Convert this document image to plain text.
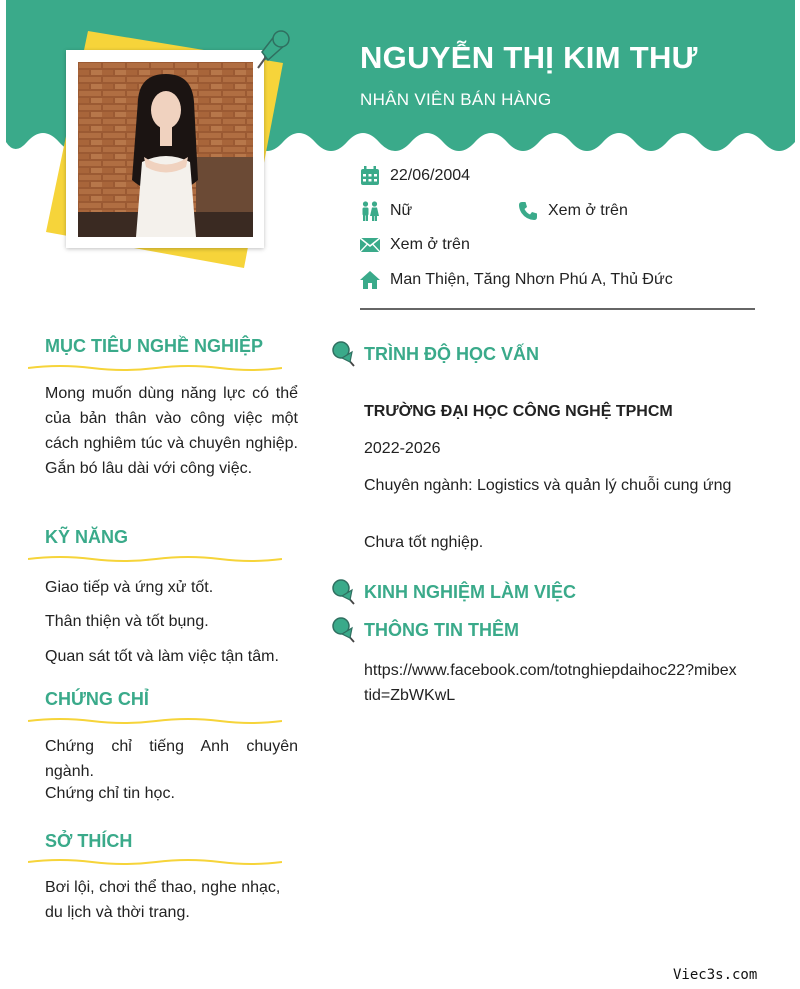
NGUYỄN THỊ KIM THƯ
NHÂN VIÊN BÁN HÀNG
22/06/2004
Nữ	Xem ở trên
Xem ở trên
Man Thiện, Tăng Nhơn Phú A, Thủ Đức
MỤC TIÊU NGHỀ NGHIỆP
Mong muốn dùng năng lực có thể của bản thân vào công việc một cách nghiêm túc và chuyên nghiệp. Gắn bó lâu dài với công việc.
KỸ NĂNG
Giao tiếp và ứng xử tốt.
Thân thiện và tốt bụng.
Quan sát tốt và làm việc tận tâm.
CHỨNG CHỈ
Chứng chỉ tiếng Anh chuyên ngành.
Chứng chỉ tin học.
SỞ THÍCH
Bơi lội, chơi thể thao, nghe nhạc, du lịch và thời trang.
TRÌNH ĐỘ HỌC VẤN
TRƯỜNG ĐẠI HỌC CÔNG NGHỆ TPHCM
2022-2026
Chuyên ngành: Logistics và quản lý chuỗi cung ứng
Chưa tốt nghiệp.
KINH NGHIỆM LÀM VIỆC
THÔNG TIN THÊM
https://www.facebook.com/totnghiepdaihoc22?mibextid=ZbWKwL
Viec3s.com
